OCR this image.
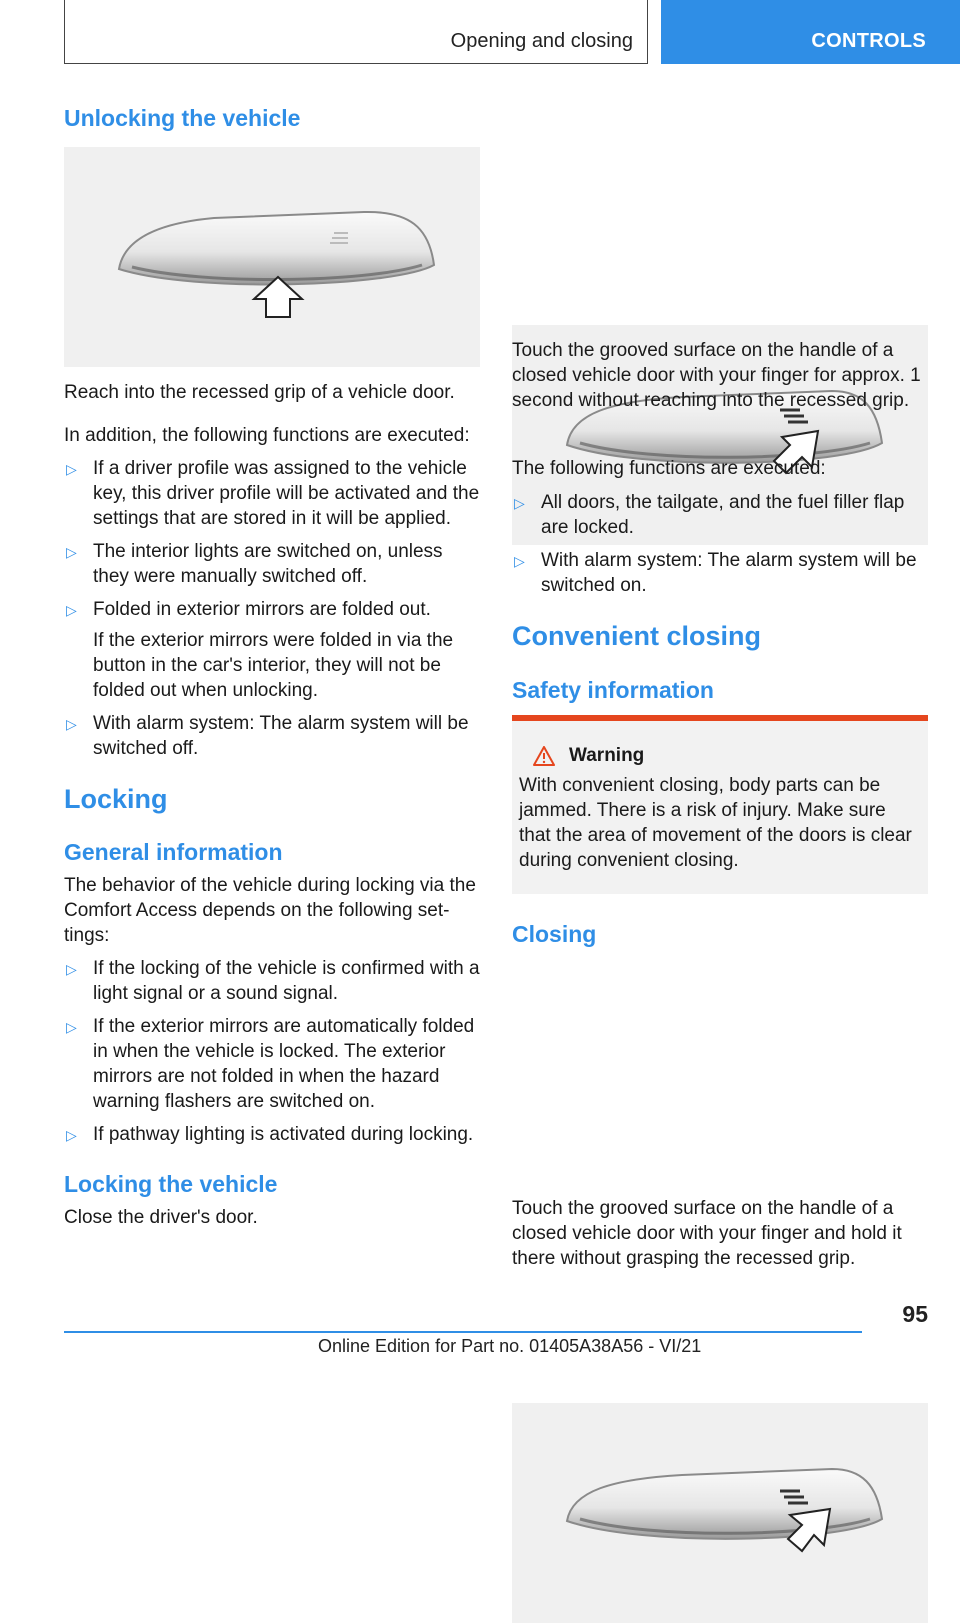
Opening and closing	CONTROLS
Unlocking the vehicle

Reach into the recessed grip of a vehicle door.

In addition, the following functions are executed:

▷ If a driver profile was assigned to the vehicle key, this driver profile will be activated and the settings that are stored in it will be applied.
▷ The interior lights are switched on, unless they were manually switched off.
▷ Folded in exterior mirrors are folded out.
If the exterior mirrors were folded in via the button in the car's interior, they will not be folded out when unlocking.
▷ With alarm system: The alarm system will be switched off.
Locking
General information

The behavior of the vehicle during locking via the Comfort Access depends on the following set-tings:

▷ If the locking of the vehicle is confirmed with a light signal or a sound signal.
▷ If the exterior mirrors are automatically folded in when the vehicle is locked. The exterior mirrors are not folded in when the hazard warning flashers are switched on.
▷ If pathway lighting is activated during locking.
Locking the vehicle

Close the driver's door.

Touch the grooved surface on the handle of a closed vehicle door with your finger for approx. 1 second without reaching into the recessed grip.

The following functions are executed:

▷ All doors, the tailgate, and the fuel filler flap are locked.
▷ With alarm system: The alarm system will be switched on.
Convenient closing
Safety information
Warning

With convenient closing, body parts can be jammed. There is a risk of injury. Make sure that the area of movement of the doors is clear during convenient closing.

Closing

Touch the grooved surface on the handle of a closed vehicle door with your finger and hold it there without grasping the recessed grip.

95
Online Edition for Part no. 01405A38A56 - VI/21
